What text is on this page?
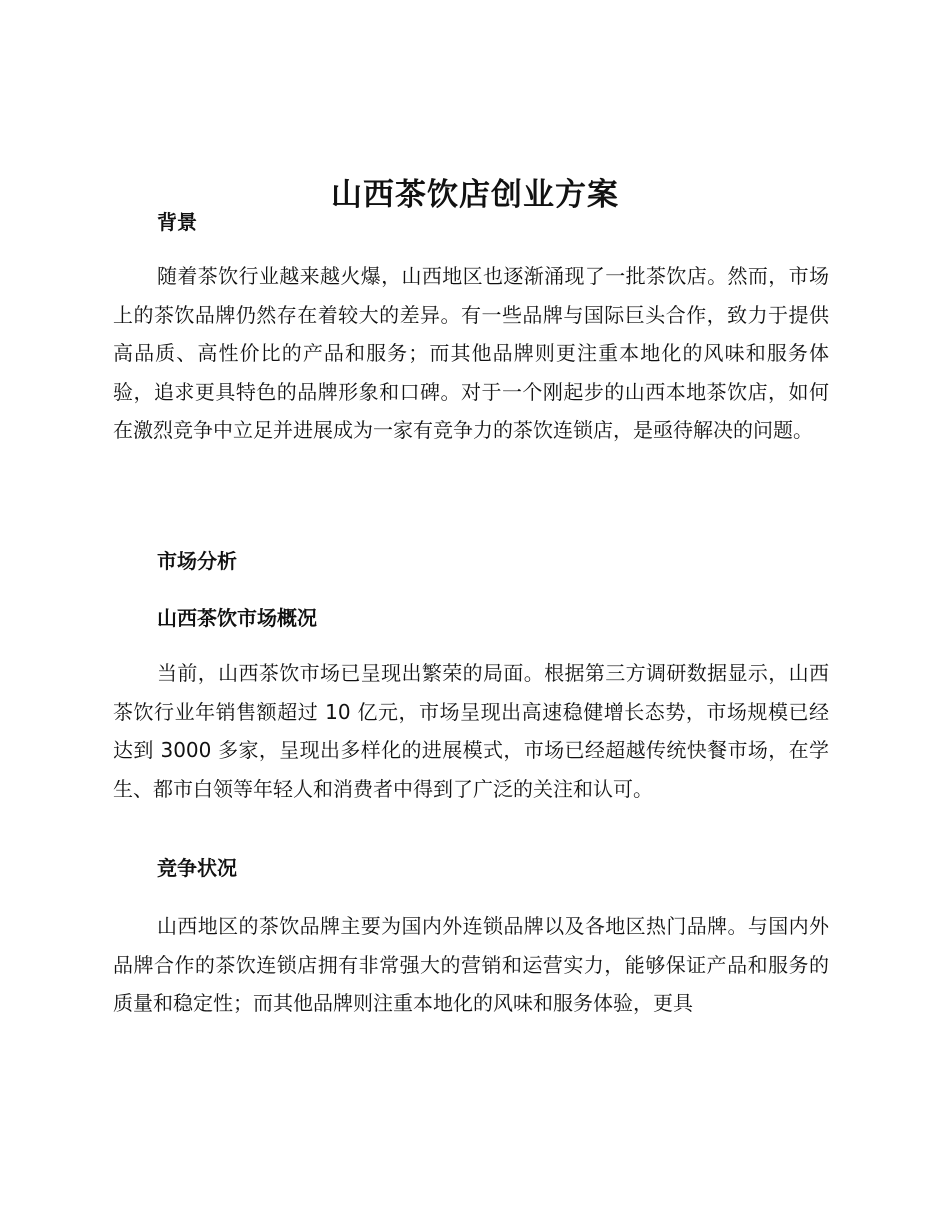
山西茶饮店创业方案
背景

随着茶饮行业越来越火爆，山西地区也逐渐涌现了一批茶饮店。然而，市场上的茶饮品牌仍然存在着较大的差异。有一些品牌与国际巨头合作，致力于提供高品质、高性价比的产品和服务；而其他品牌则更注重本地化的风味和服务体验，追求更具特色的品牌形象和口碑。对于一个刚起步的山西本地茶饮店，如何在激烈竞争中立足并进展成为一家有竞争力的茶饮连锁店，是亟待解决的问题。

市场分析
山西茶饮市场概况

当前，山西茶饮市场已呈现出繁荣的局面。根据第三方调研数据显示，山西茶饮行业年销售额超过 10 亿元，市场呈现出高速稳健增长态势，市场规模已经达到 3000 多家，呈现出多样化的进展模式，市场已经超越传统快餐市场，在学生、都市白领等年轻人和消费者中得到了广泛的关注和认可。

竞争状况

山西地区的茶饮品牌主要为国内外连锁品牌以及各地区热门品牌。与国内外品牌合作的茶饮连锁店拥有非常强大的营销和运营实力，能够保证产品和服务的质量和稳定性；而其他品牌则注重本地化的风味和服务体验，更具
